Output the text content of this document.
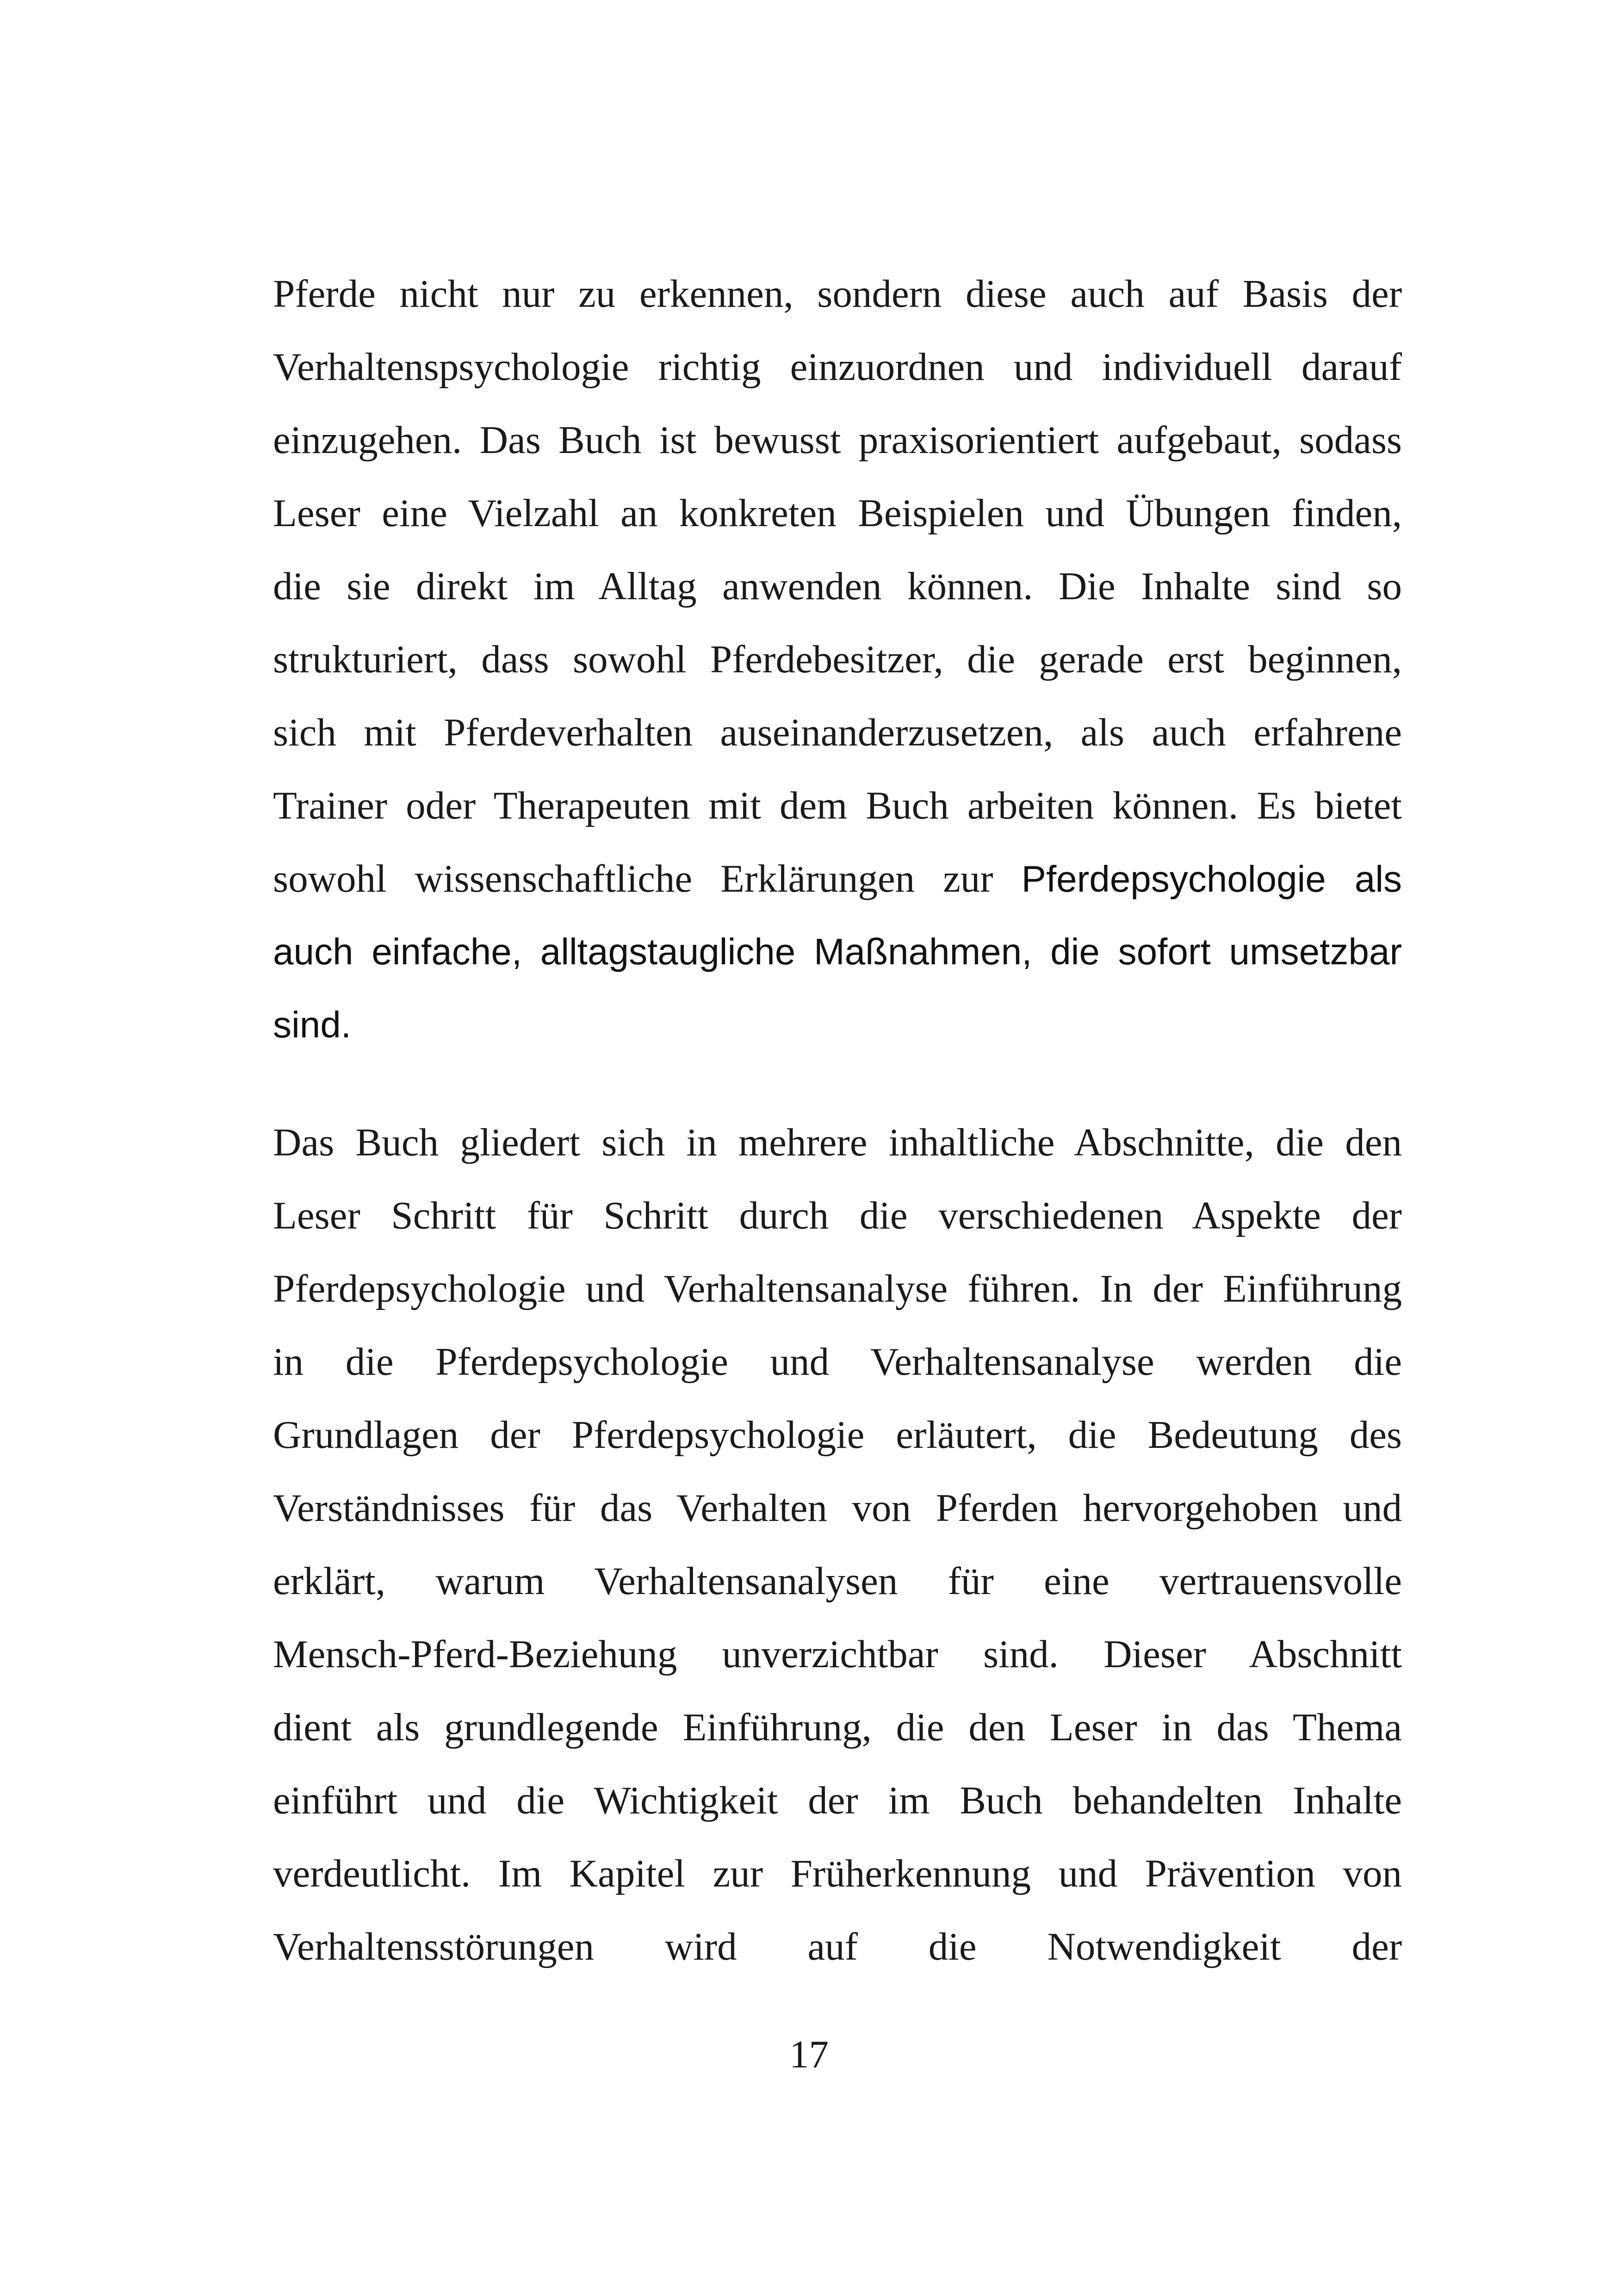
Pferde nicht nur zu erkennen, sondern diese auch auf Basis der
Verhaltenspsychologie richtig einzuordnen und individuell darauf
einzugehen. Das Buch ist bewusst praxisorientiert aufgebaut, sodass
Leser eine Vielzahl an konkreten Beispielen und Übungen finden,
die sie direkt im Alltag anwenden können. Die Inhalte sind so
strukturiert, dass sowohl Pferdebesitzer, die gerade erst beginnen,
sich mit Pferdeverhalten auseinanderzusetzen, als auch erfahrene
Trainer oder Therapeuten mit dem Buch arbeiten können. Es bietet
sowohl wissenschaftliche Erklärungen zur Pferdepsychologie als
auch einfache, alltagstaugliche Maßnahmen, die sofort umsetzbar
sind.
Das Buch gliedert sich in mehrere inhaltliche Abschnitte, die den
Leser Schritt für Schritt durch die verschiedenen Aspekte der
Pferdepsychologie und Verhaltensanalyse führen. In der Einführung
in die Pferdepsychologie und Verhaltensanalyse werden die
Grundlagen der Pferdepsychologie erläutert, die Bedeutung des
Verständnisses für das Verhalten von Pferden hervorgehoben und
erklärt, warum Verhaltensanalysen für eine vertrauensvolle
Mensch-Pferd-Beziehung unverzichtbar sind. Dieser Abschnitt
dient als grundlegende Einführung, die den Leser in das Thema
einführt und die Wichtigkeit der im Buch behandelten Inhalte
verdeutlicht. Im Kapitel zur Früherkennung und Prävention von
Verhaltensstörungen wird auf die Notwendigkeit der
17
